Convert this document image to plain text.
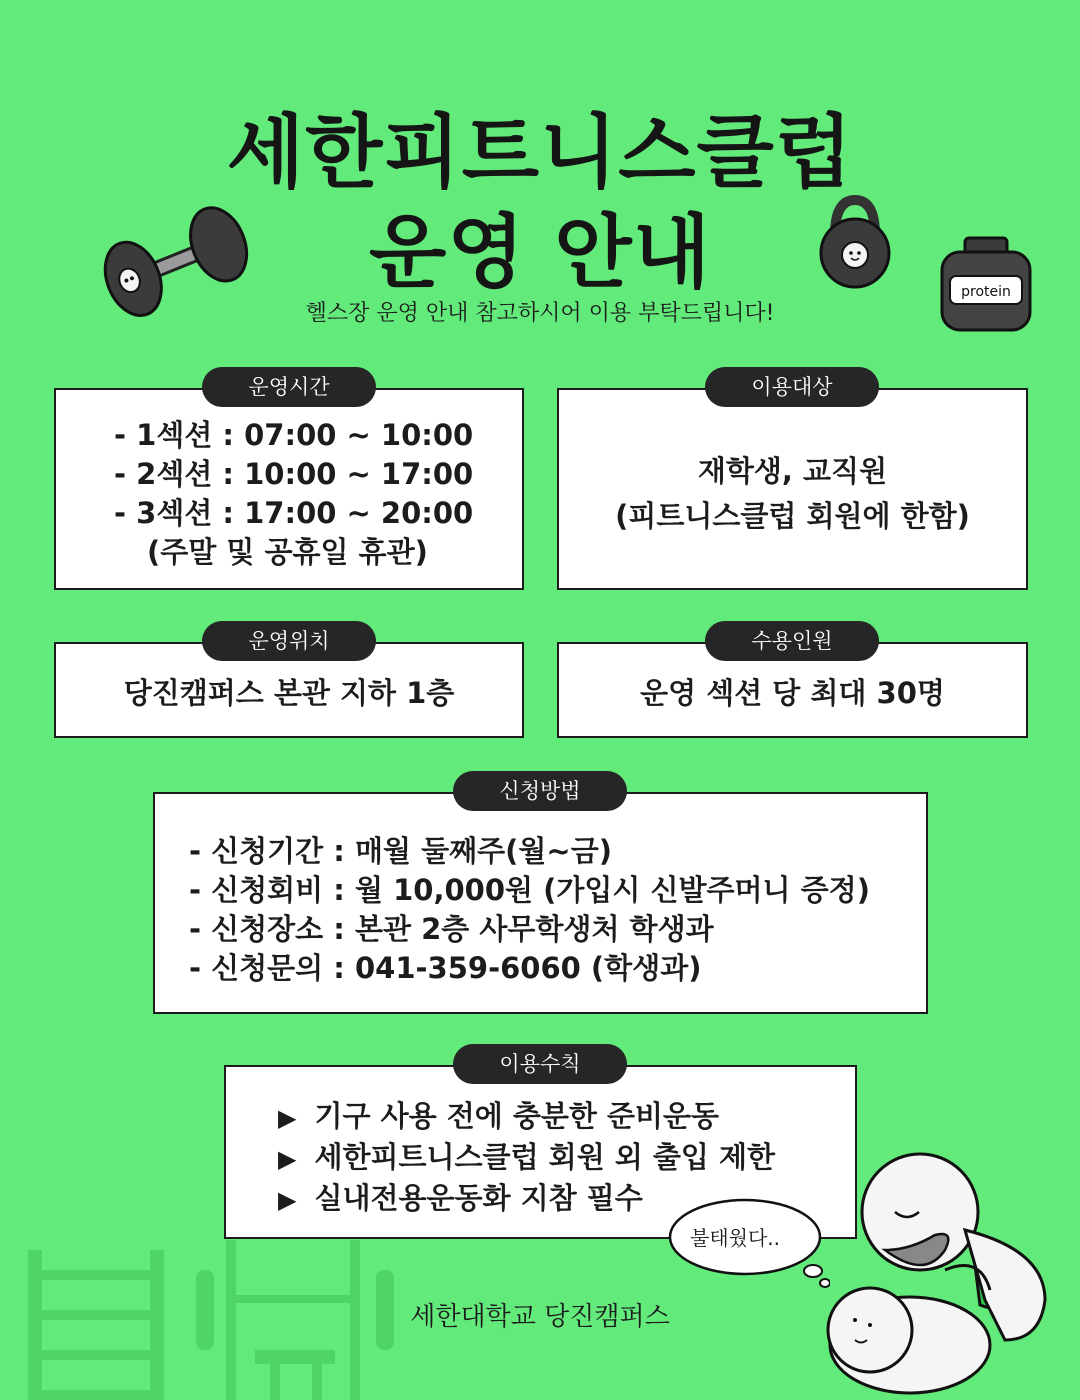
세한피트니스클럽
운영 안내	protein
헬스장 운영 안내 참고하시어 이용 부탁드립니다!
- 1섹션 : 07:00 ~ 10:00
- 2섹션 : 10:00 ~ 17:00
- 3섹션 : 17:00 ~ 20:00
(주말 및 공휴일 휴관)
운영시간
재학생, 교직원
(피트니스클럽 회원에 한함)
이용대상
당진캠퍼스 본관 지하 1층
운영위치
운영 섹션 당 최대 30명
수용인원
- 신청기간 : 매월 둘째주(월~금)
- 신청회비 : 월 10,000원 (가입시 신발주머니 증정)
- 신청장소 : 본관 2층 사무학생처 학생과
- 신청문의 : 041-359-6060 (학생과)
신청방법
▶ 기구 사용 전에 충분한 준비운동
▶ 세한피트니스클럽 회원 외 출입 제한
▶ 실내전용운동화 지참 필수
이용수칙
불태웠다..
세한대학교 당진캠퍼스
